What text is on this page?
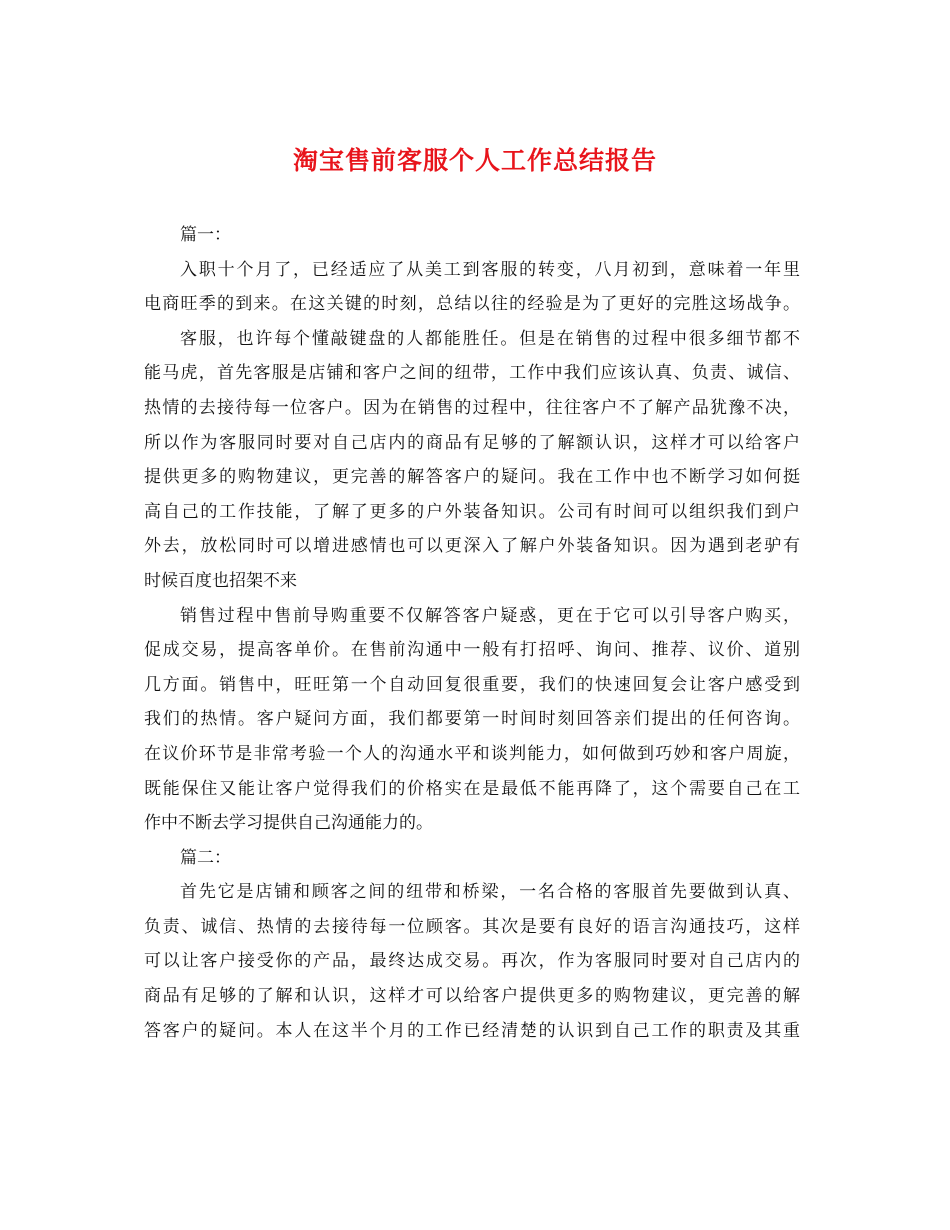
淘宝售前客服个人工作总结报告
篇一：
入职十个月了，已经适应了从美工到客服的转变，八月初到，意味着一年里
电商旺季的到来。在这关键的时刻，总结以往的经验是为了更好的完胜这场战争。
客服，也许每个懂敲键盘的人都能胜任。但是在销售的过程中很多细节都不
能马虎，首先客服是店铺和客户之间的纽带，工作中我们应该认真、负责、诚信、
热情的去接待每一位客户。因为在销售的过程中，往往客户不了解产品犹豫不决，
所以作为客服同时要对自己店内的商品有足够的了解额认识，这样才可以给客户
提供更多的购物建议，更完善的解答客户的疑问。我在工作中也不断学习如何挺
高自己的工作技能，了解了更多的户外装备知识。公司有时间可以组织我们到户
外去，放松同时可以增进感情也可以更深入了解户外装备知识。因为遇到老驴有
时候百度也招架不来
销售过程中售前导购重要不仅解答客户疑惑，更在于它可以引导客户购买，
促成交易，提高客单价。在售前沟通中一般有打招呼、询问、推荐、议价、道别
几方面。销售中，旺旺第一个自动回复很重要，我们的快速回复会让客户感受到
我们的热情。客户疑问方面，我们都要第一时间时刻回答亲们提出的任何咨询。
在议价环节是非常考验一个人的沟通水平和谈判能力，如何做到巧妙和客户周旋，
既能保住又能让客户觉得我们的价格实在是最低不能再降了，这个需要自己在工
作中不断去学习提供自己沟通能力的。
篇二：
首先它是店铺和顾客之间的纽带和桥梁，一名合格的客服首先要做到认真、
负责、诚信、热情的去接待每一位顾客。其次是要有良好的语言沟通技巧，这样
可以让客户接受你的产品，最终达成交易。再次，作为客服同时要对自己店内的
商品有足够的了解和认识，这样才可以给客户提供更多的购物建议，更完善的解
答客户的疑问。本人在这半个月的工作已经清楚的认识到自己工作的职责及其重
